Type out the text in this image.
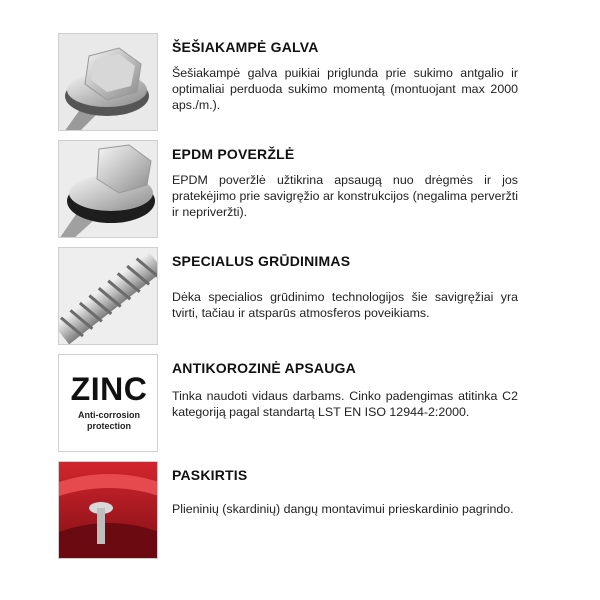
ŠEŠIAKAMPĖ GALVA
Šešiakampė galva puikiai priglunda prie sukimo antgalio ir optimaliai perduoda sukimo momentą (montuojant max 2000 aps./m.).
EPDM POVERŽLĖ
EPDM poveržlė užtikrina apsaugą nuo drėgmės ir jos pratekėjimo prie savigręžio ar konstrukcijos (negalima perveržti ir nepriveržti).
SPECIALUS GRŪDINIMAS
Dėka specialios grūdinimo technologijos šie savigręžiai yra tvirti, tačiau ir atsparūs atmosferos poveikiams.
ZINC
Anti-corrosion
protection
ANTIKOROZINĖ APSAUGA
Tinka naudoti vidaus darbams. Cinko padengimas atitinka C2 kategoriją pagal standartą LST EN ISO 12944-2:2000.
PASKIRTIS
Plieninių (skardinių) dangų montavimui prieskardinio pagrindo.
